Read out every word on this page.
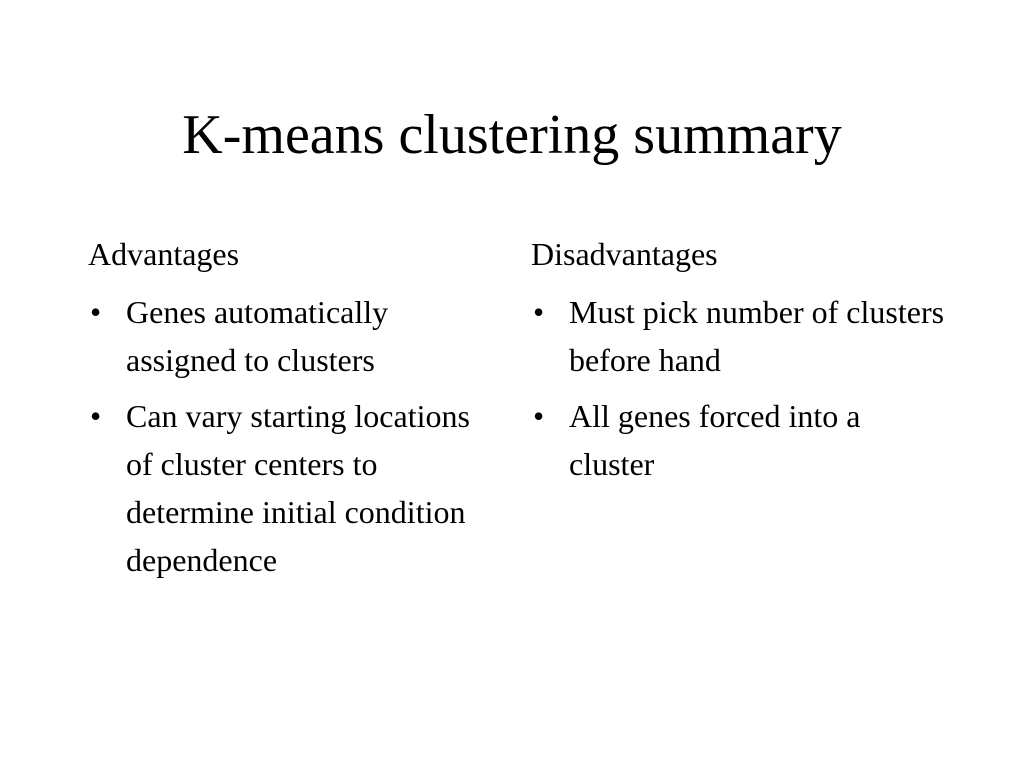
K-means clustering summary
Advantages
• Genes automatically assigned to clusters
• Can vary starting locations of cluster centers to determine initial condition dependence
Disadvantages
• Must pick number of clusters before hand
• All genes forced into a cluster
